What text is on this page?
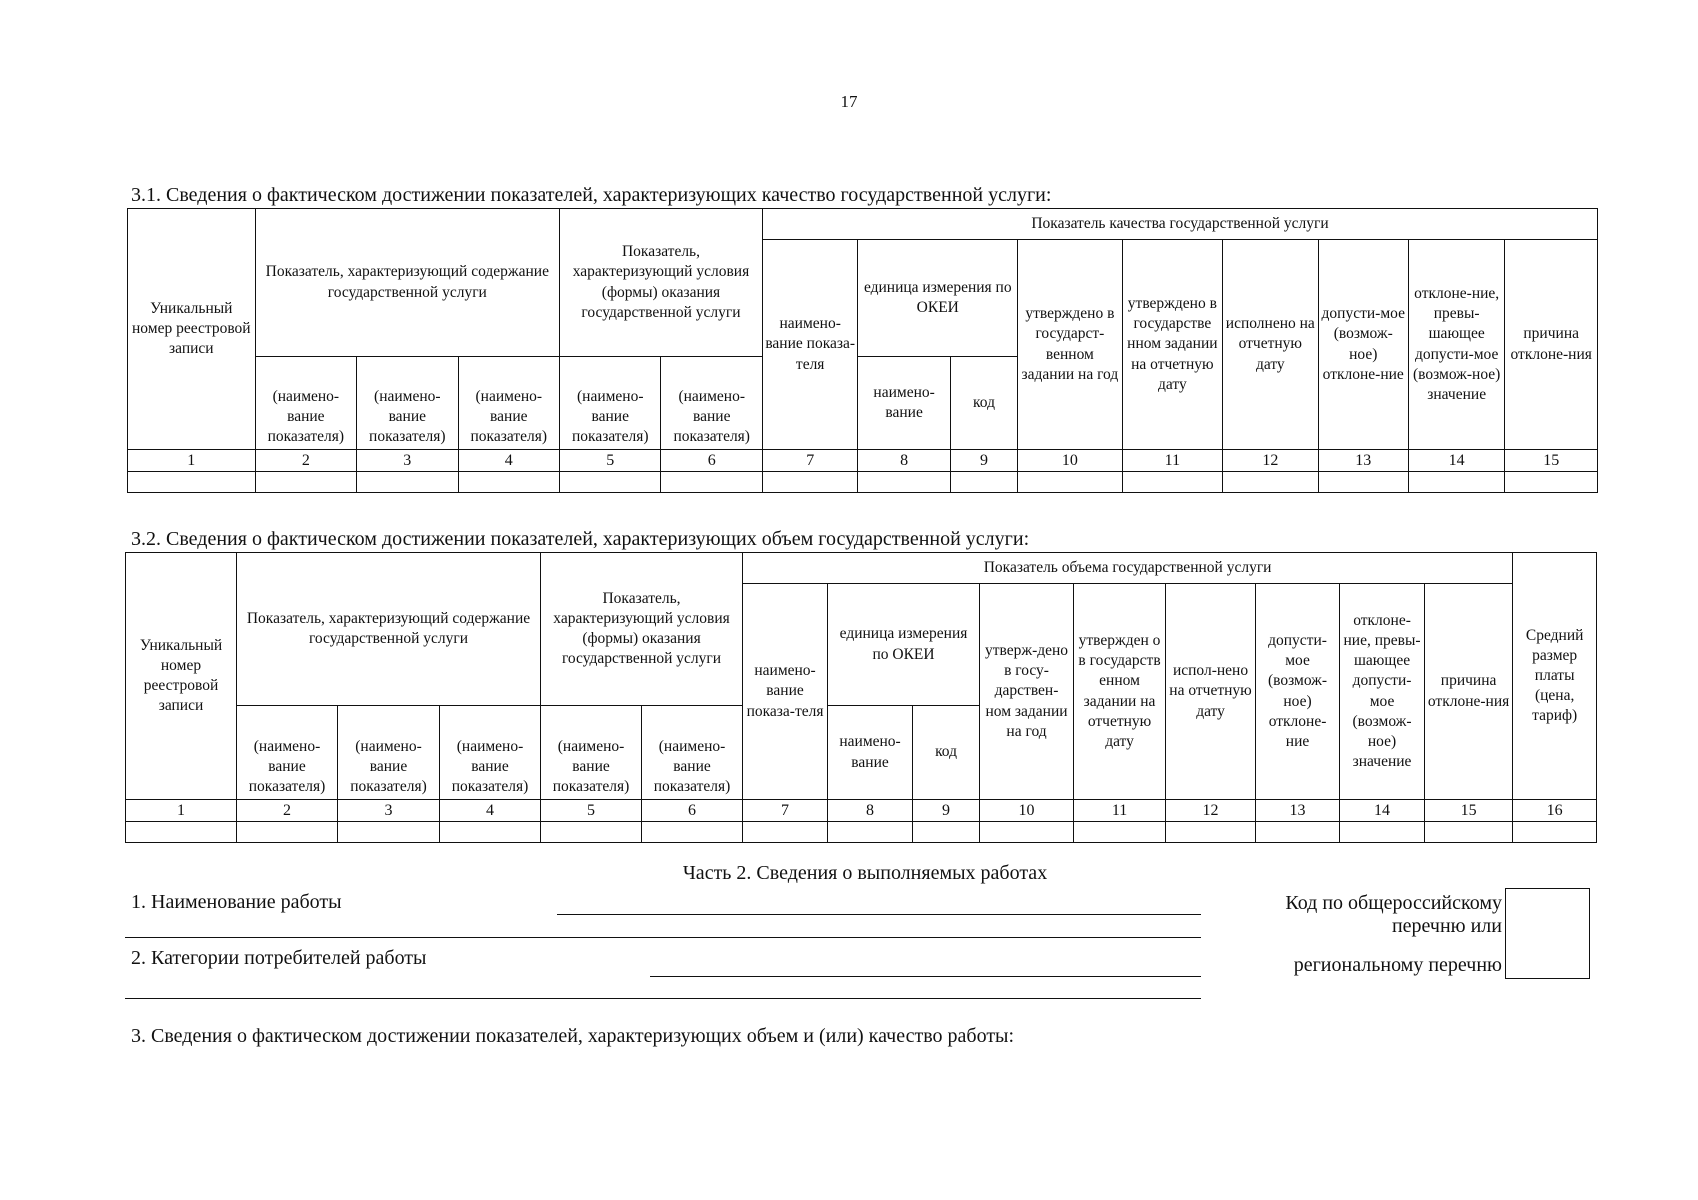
17
3.1. Сведения о фактическом достижении показателей, характеризующих качество государственной услуги:
Уникальный номер реестровой записи	Показатель, характеризующий содержание государственной услуги			Показатель, характеризующий условия (формы) оказания государственной услуги		Показатель качества государственной услуги								
						наимено-вание показа-теля	единица измерения по ОКЕИ		утверждено в государст-венном задании на год	утверждено в государстве нном задании на отчетную дату	исполнено на отчетную дату	допусти-мое (возмож-ное) отклоне-ние	отклоне-ние, превы-шающее допусти-мое (возмож-ное) значение	причина отклоне-ния
	(наимено-вание показателя)	(наимено-вание показателя)	(наимено-вание показателя)	(наимено-вание показателя)	(наимено-вание показателя)		наимено-вание	код						
1	2	3	4	5	6	7	8	9	10	11	12	13	14	15

3.2. Сведения о фактическом достижении показателей, характеризующих объем государственной услуги:
Уникальный номер реестровой записи	Показатель, характеризующий содержание государственной услуги			Показатель, характеризующий условия (формы) оказания государственной услуги		Показатель объема государственной услуги									Средний размер платы (цена, тариф)
						наимено-вание показа-теля	единица измерения по ОКЕИ		утверж-дено в госу-дарствен-ном задании на год	утвержден о в государств енном задании на отчетную дату	испол-нено на отчетную дату	допусти-мое (возмож-ное) отклоне-ние	отклоне-ние, превы-шающее допусти-мое (возмож-ное) значение	причина отклоне-ния	
	(наимено-вание показателя)	(наимено-вание показателя)	(наимено-вание показателя)	(наимено-вание показателя)	(наимено-вание показателя)		наимено-вание	код							
1	2	3	4	5	6	7	8	9	10	11	12	13	14	15	16

Часть 2. Сведения о выполняемых работах
1. Наименование работы
2. Категории потребителей работы
Код по общероссийскому
перечню или
региональному перечню
3. Сведения о фактическом достижении показателей, характеризующих объем и (или) качество работы:
